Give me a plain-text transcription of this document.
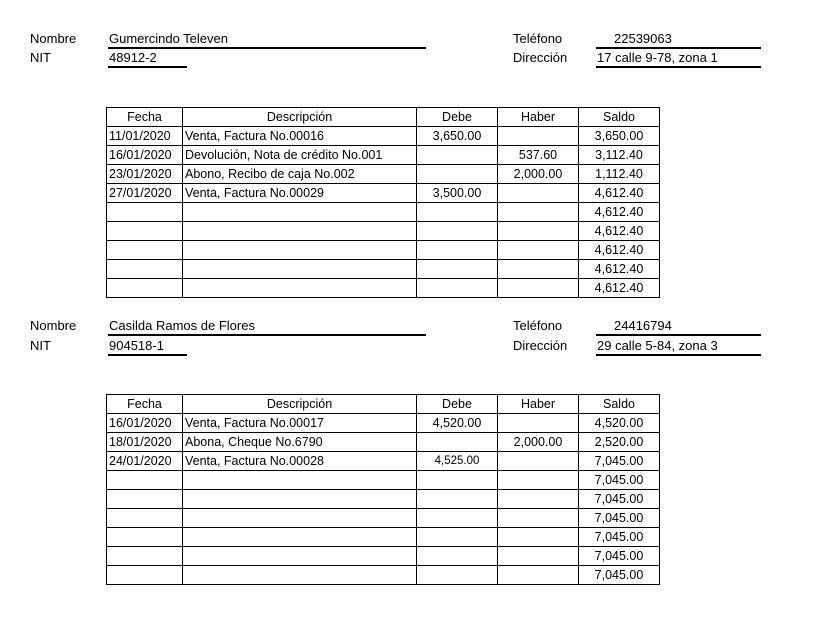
Nombre	Gumercindo Televen
NIT	48912-2
Teléfono	22539063
Dirección 17 calle 9-78, zona 1
Fecha	Descripción	Debe	Haber	Saldo
11/01/2020	Venta, Factura No.00016	3,650.00		3,650.00
16/01/2020	Devolución, Nota de crédito No.001		537.60	3,112.40
23/01/2020	Abono, Recibo de caja No.002		2,000.00	1,112.40
27/01/2020	Venta, Factura No.00029	3,500.00		4,612.40
				4,612.40
				4,612.40
				4,612.40
				4,612.40
				4,612.40
Nombre	Casilda Ramos de Flores
NIT	904518-1
Teléfono	24416794
Dirección 29 calle 5-84, zona 3
Fecha	Descripción	Debe	Haber	Saldo
16/01/2020	Venta, Factura No.00017	4,520.00		4,520.00
18/01/2020	Abona, Cheque No.6790		2,000.00	2,520.00
24/01/2020	Venta, Factura No.00028	4,525.00		7,045.00
				7,045.00
				7,045.00
				7,045.00
				7,045.00
				7,045.00
				7,045.00
